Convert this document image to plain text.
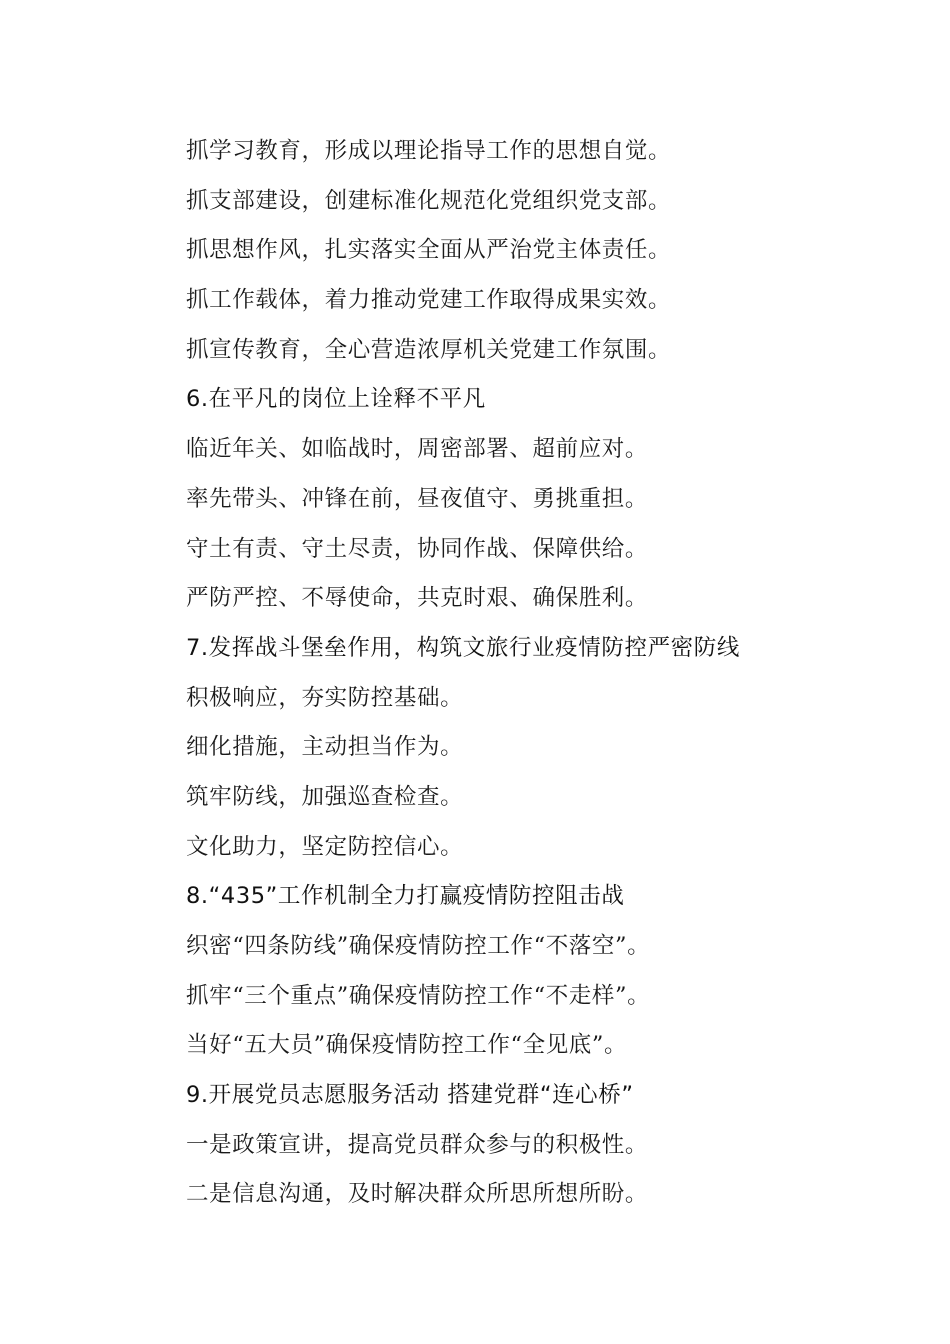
抓学习教育，形成以理论指导工作的思想自觉。
抓支部建设，创建标准化规范化党组织党支部。
抓思想作风，扎实落实全面从严治党主体责任。
抓工作载体，着力推动党建工作取得成果实效。
抓宣传教育，全心营造浓厚机关党建工作氛围。
6.在平凡的岗位上诠释不平凡
临近年关、如临战时，周密部署、超前应对。
率先带头、冲锋在前，昼夜值守、勇挑重担。
守土有责、守土尽责，协同作战、保障供给。
严防严控、不辱使命，共克时艰、确保胜利。
7.发挥战斗堡垒作用，构筑文旅行业疫情防控严密防线
积极响应，夯实防控基础。
细化措施，主动担当作为。
筑牢防线，加强巡查检查。
文化助力，坚定防控信心。
8.“435”工作机制全力打赢疫情防控阻击战
织密“四条防线”确保疫情防控工作“不落空”。
抓牢“三个重点”确保疫情防控工作“不走样”。
当好“五大员”确保疫情防控工作“全见底”。
9.开展党员志愿服务活动 搭建党群“连心桥”
一是政策宣讲，提高党员群众参与的积极性。
二是信息沟通，及时解决群众所思所想所盼。
